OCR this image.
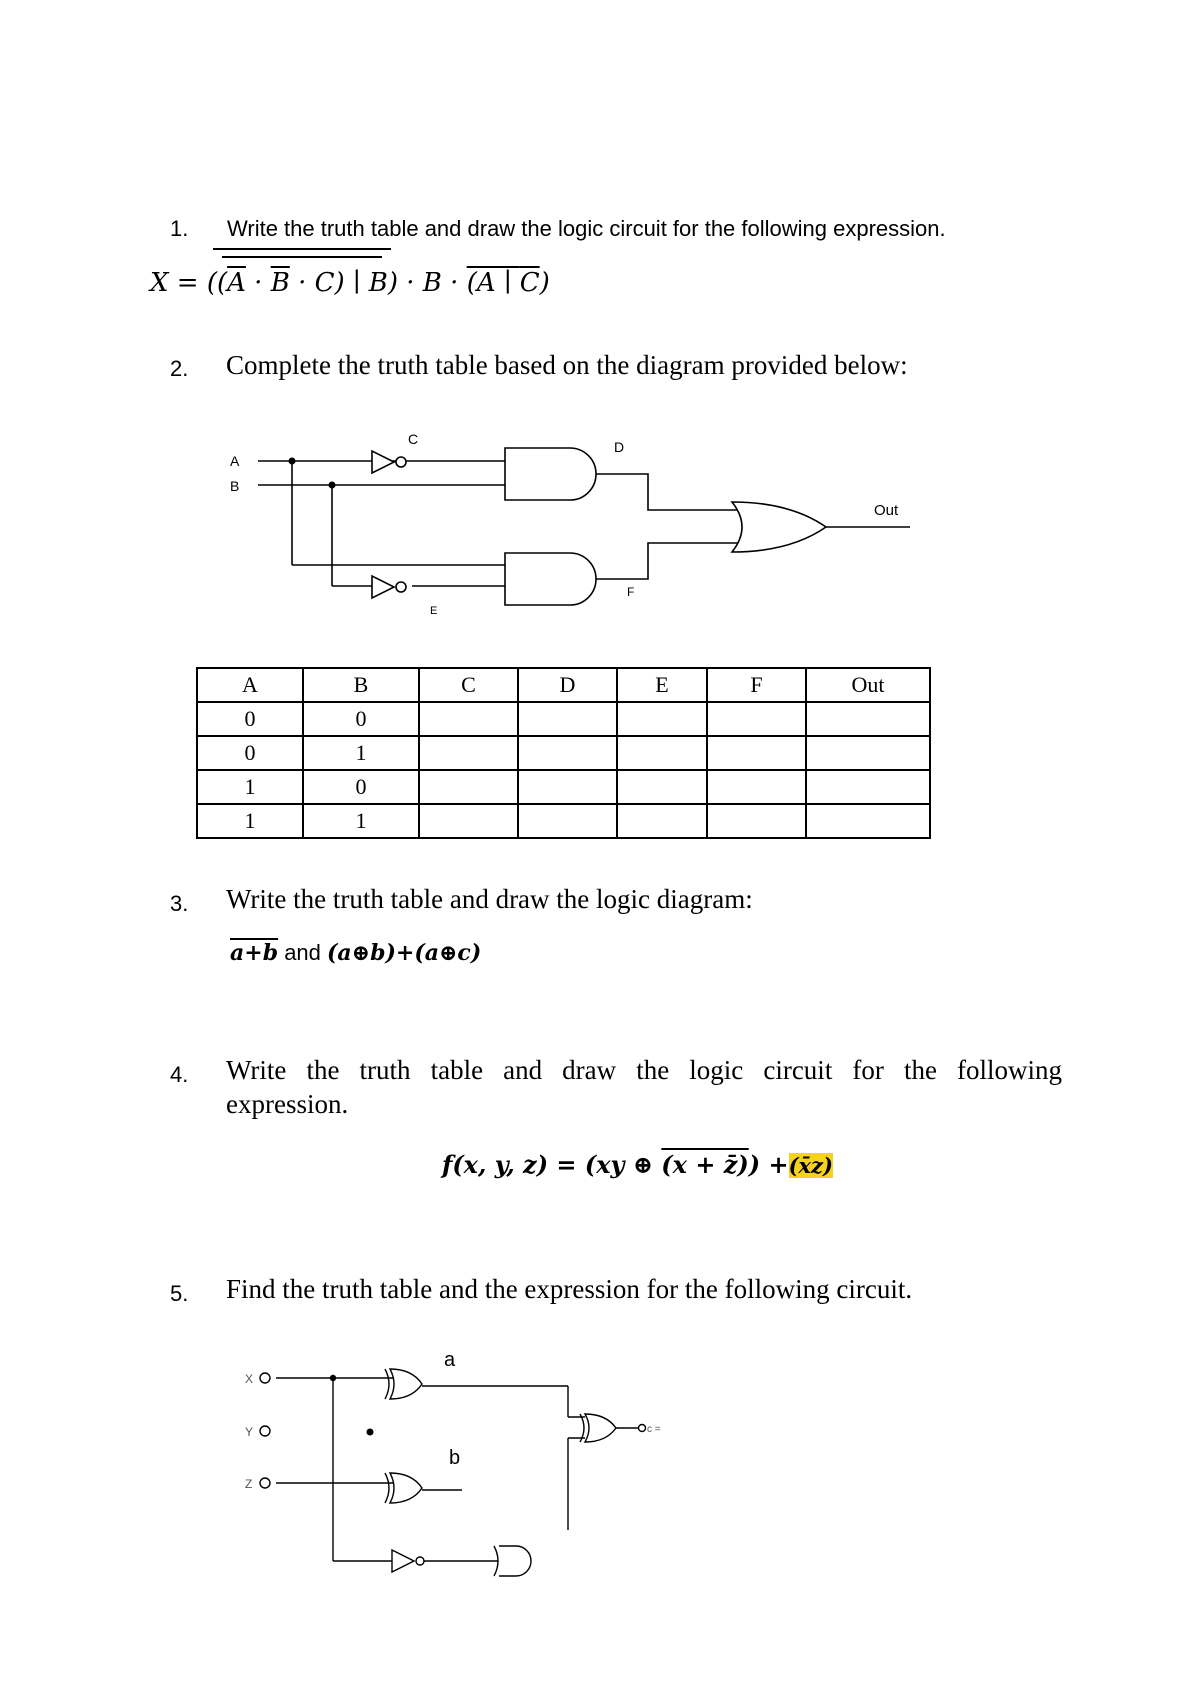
1. Write the truth table and draw the logic circuit for the following expression.
$X = ((\overline{A} \cdot \overline{B} \cdot C)$ ∣ B) · B · (A ∣ $\overline{C}$)
2. Complete the truth table based on the diagram provided below:
A
B
C	D
E
F
Out
A	B	C	D	E	F	Out
0	0					
0	1					
1	0					
1	1					
3. Write the truth table and draw the logic diagram:
a+b and (a⊕b)+(a⊕c)
4. Write the truth table and draw the logic circuit for the following
expression.
f(x, y, z) = (xy ⊕ (x + z̄)) +(x̄z)
5. Find the truth table and the expression for the following circuit.
X
Y
Z
c =
a
b
